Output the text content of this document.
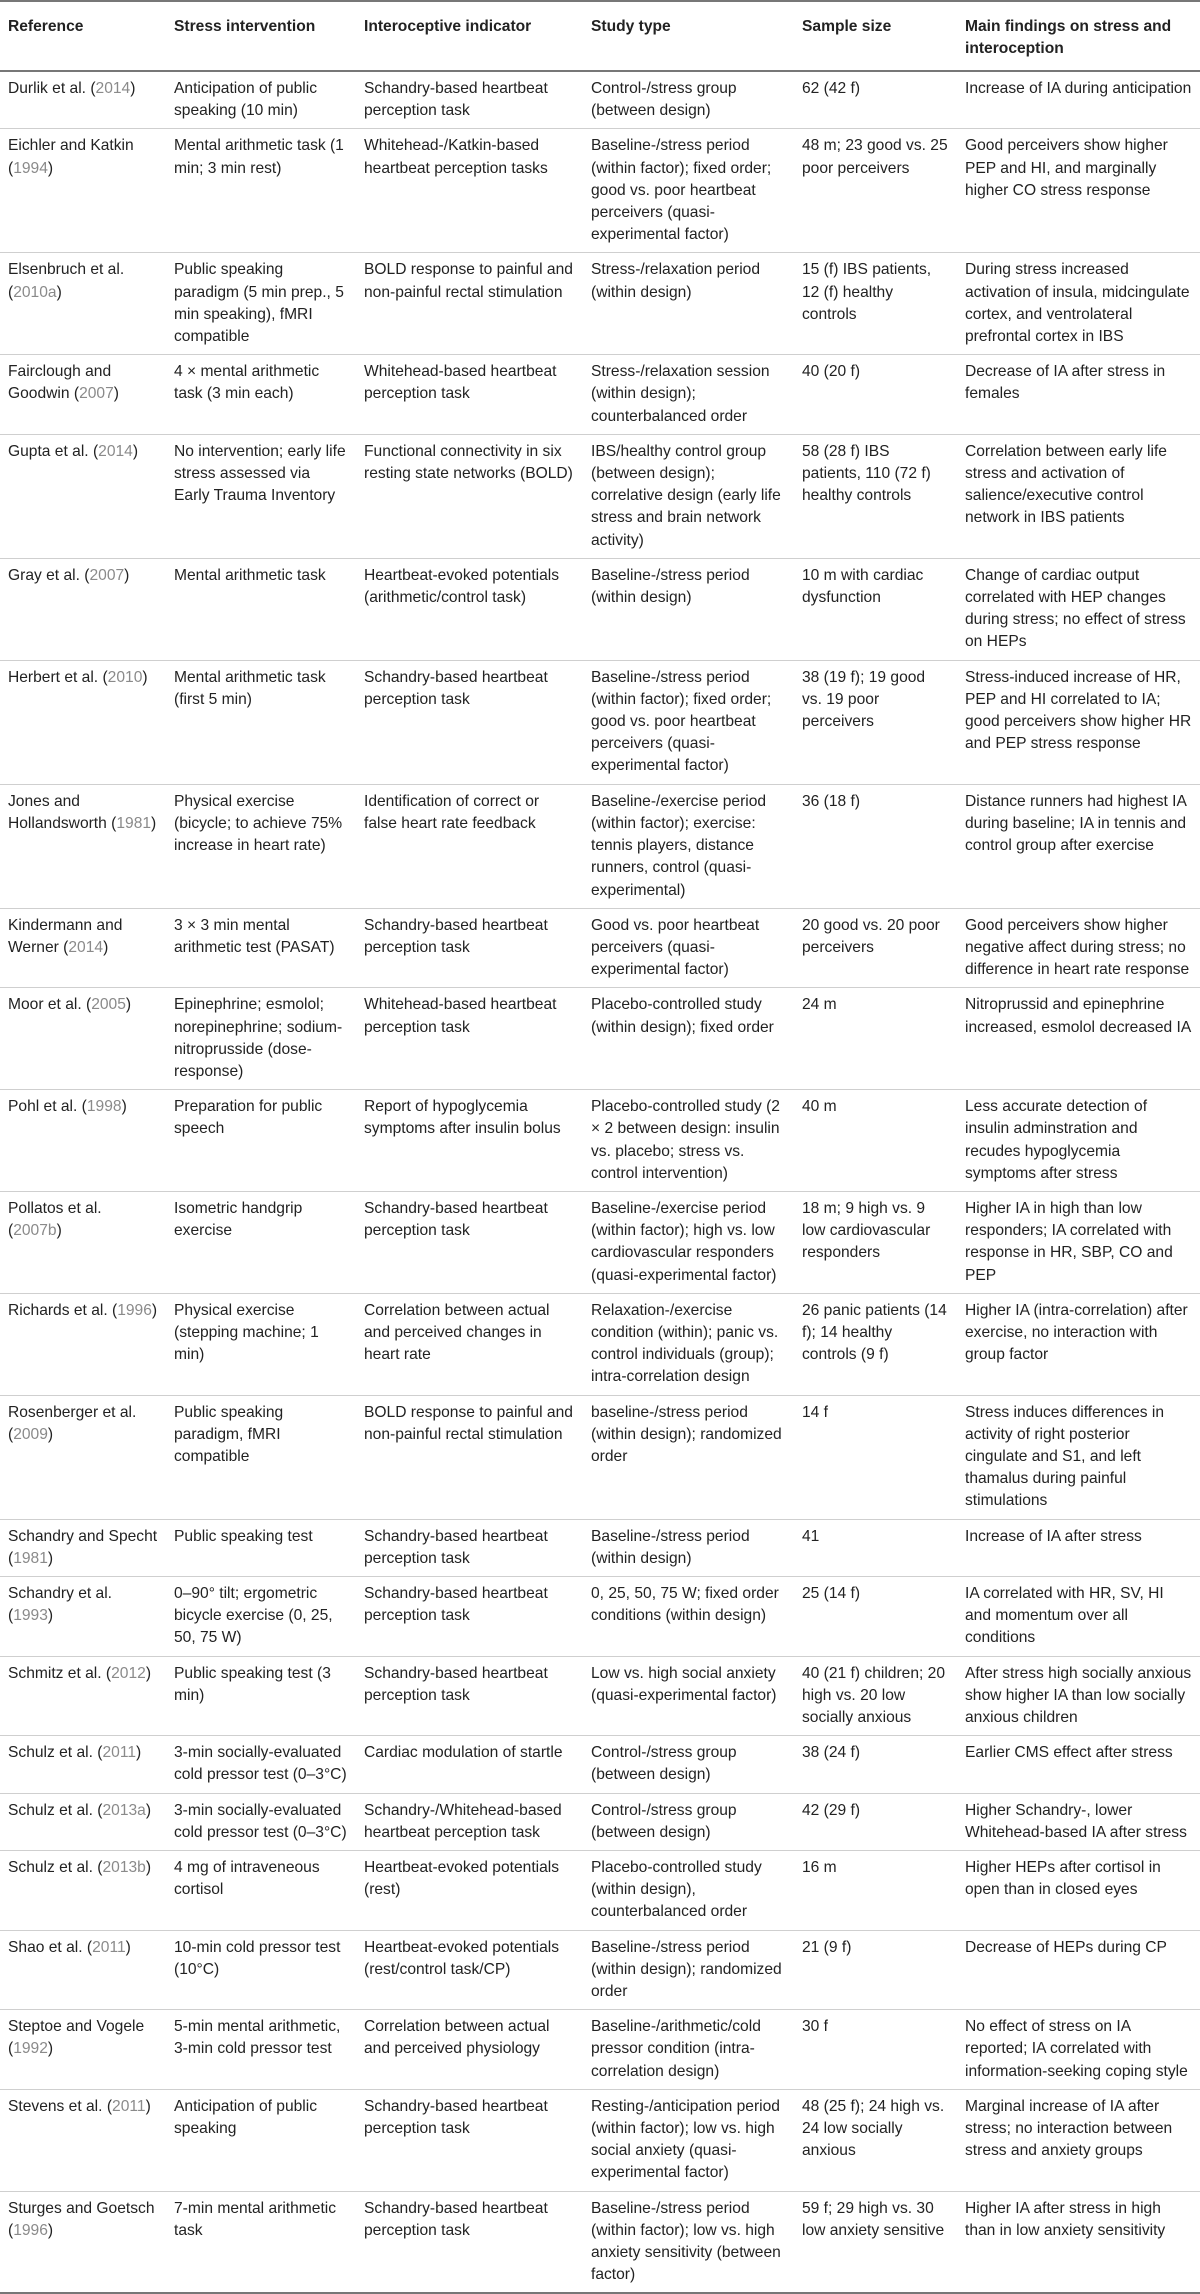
Reference	Stress intervention	Interoceptive indicator	Study type	Sample size	Main findings on stress and interoception
Durlik et al. (2014)	Anticipation of public speaking (10 min)	Schandry-based heartbeat perception task	Control-/stress group (between design)	62 (42 f)	Increase of IA during anticipation
Eichler and Katkin (1994)	Mental arithmetic task (1 min; 3 min rest)	Whitehead-/Katkin-based heartbeat perception tasks	Baseline-/stress period (within factor); fixed order; good vs. poor heartbeat perceivers (quasi-experimental factor)	48 m; 23 good vs. 25 poor perceivers	Good perceivers show higher PEP and HI, and marginally higher CO stress response
Elsenbruch et al. (2010a)	Public speaking paradigm (5 min prep., 5 min speaking), fMRI compatible	BOLD response to painful and non-painful rectal stimulation	Stress-/relaxation period (within design)	15 (f) IBS patients, 12 (f) healthy controls	During stress increased activation of insula, midcingulate cortex, and ventrolateral prefrontal cortex in IBS
Fairclough and Goodwin (2007)	4 × mental arithmetic task (3 min each)	Whitehead-based heartbeat perception task	Stress-/relaxation session (within design); counterbalanced order	40 (20 f)	Decrease of IA after stress in females
Gupta et al. (2014)	No intervention; early life stress assessed via Early Trauma Inventory	Functional connectivity in six resting state networks (BOLD)	IBS/healthy control group (between design); correlative design (early life stress and brain network activity)	58 (28 f) IBS patients, 110 (72 f) healthy controls	Correlation between early life stress and activation of salience/executive control network in IBS patients
Gray et al. (2007)	Mental arithmetic task	Heartbeat-evoked potentials (arithmetic/control task)	Baseline-/stress period (within design)	10 m with cardiac dysfunction	Change of cardiac output correlated with HEP changes during stress; no effect of stress on HEPs
Herbert et al. (2010)	Mental arithmetic task (first 5 min)	Schandry-based heartbeat perception task	Baseline-/stress period (within factor); fixed order; good vs. poor heartbeat perceivers (quasi-experimental factor)	38 (19 f); 19 good vs. 19 poor perceivers	Stress-induced increase of HR, PEP and HI correlated to IA; good perceivers show higher HR and PEP stress response
Jones and Hollandsworth (1981)	Physical exercise (bicycle; to achieve 75% increase in heart rate)	Identification of correct or false heart rate feedback	Baseline-/exercise period (within factor); exercise: tennis players, distance runners, control (quasi-experimental)	36 (18 f)	Distance runners had highest IA during baseline; IA in tennis and control group after exercise
Kindermann and Werner (2014)	3 × 3 min mental arithmetic test (PASAT)	Schandry-based heartbeat perception task	Good vs. poor heartbeat perceivers (quasi-experimental factor)	20 good vs. 20 poor perceivers	Good perceivers show higher negative affect during stress; no difference in heart rate response
Moor et al. (2005)	Epinephrine; esmolol; norepinephrine; sodium-nitroprusside (dose-response)	Whitehead-based heartbeat perception task	Placebo-controlled study (within design); fixed order	24 m	Nitroprussid and epinephrine increased, esmolol decreased IA
Pohl et al. (1998)	Preparation for public speech	Report of hypoglycemia symptoms after insulin bolus	Placebo-controlled study (2 × 2 between design: insulin vs. placebo; stress vs. control intervention)	40 m	Less accurate detection of insulin adminstration and recudes hypoglycemia symptoms after stress
Pollatos et al. (2007b)	Isometric handgrip exercise	Schandry-based heartbeat perception task	Baseline-/exercise period (within factor); high vs. low cardiovascular responders (quasi-experimental factor)	18 m; 9 high vs. 9 low cardiovascular responders	Higher IA in high than low responders; IA correlated with response in HR, SBP, CO and PEP
Richards et al. (1996)	Physical exercise (stepping machine; 1 min)	Correlation between actual and perceived changes in heart rate	Relaxation-/exercise condition (within); panic vs. control individuals (group); intra-correlation design	26 panic patients (14 f); 14 healthy controls (9 f)	Higher IA (intra-correlation) after exercise, no interaction with group factor
Rosenberger et al. (2009)	Public speaking paradigm, fMRI compatible	BOLD response to painful and non-painful rectal stimulation	baseline-/stress period (within design); randomized order	14 f	Stress induces differences in activity of right posterior cingulate and S1, and left thamalus during painful stimulations
Schandry and Specht (1981)	Public speaking test	Schandry-based heartbeat perception task	Baseline-/stress period (within design)	41	Increase of IA after stress
Schandry et al. (1993)	0–90° tilt; ergometric bicycle exercise (0, 25, 50, 75 W)	Schandry-based heartbeat perception task	0, 25, 50, 75 W; fixed order conditions (within design)	25 (14 f)	IA correlated with HR, SV, HI and momentum over all conditions
Schmitz et al. (2012)	Public speaking test (3 min)	Schandry-based heartbeat perception task	Low vs. high social anxiety (quasi-experimental factor)	40 (21 f) children; 20 high vs. 20 low socially anxious	After stress high socially anxious show higher IA than low socially anxious children
Schulz et al. (2011)	3-min socially-evaluated cold pressor test (0–3°C)	Cardiac modulation of startle	Control-/stress group (between design)	38 (24 f)	Earlier CMS effect after stress
Schulz et al. (2013a)	3-min socially-evaluated cold pressor test (0–3°C)	Schandry-/Whitehead-based heartbeat perception task	Control-/stress group (between design)	42 (29 f)	Higher Schandry-, lower Whitehead-based IA after stress
Schulz et al. (2013b)	4 mg of intraveneous cortisol	Heartbeat-evoked potentials (rest)	Placebo-controlled study (within design), counterbalanced order	16 m	Higher HEPs after cortisol in open than in closed eyes
Shao et al. (2011)	10-min cold pressor test (10°C)	Heartbeat-evoked potentials (rest/control task/CP)	Baseline-/stress period (within design); randomized order	21 (9 f)	Decrease of HEPs during CP
Steptoe and Vogele (1992)	5-min mental arithmetic, 3-min cold pressor test	Correlation between actual and perceived physiology	Baseline-/arithmetic/cold pressor condition (intra-correlation design)	30 f	No effect of stress on IA reported; IA correlated with information-seeking coping style
Stevens et al. (2011)	Anticipation of public speaking	Schandry-based heartbeat perception task	Resting-/anticipation period (within factor); low vs. high social anxiety (quasi-experimental factor)	48 (25 f); 24 high vs. 24 low socially anxious	Marginal increase of IA after stress; no interaction between stress and anxiety groups
Sturges and Goetsch (1996)	7-min mental arithmetic task	Schandry-based heartbeat perception task	Baseline-/stress period (within factor); low vs. high anxiety sensitivity (between factor)	59 f; 29 high vs. 30 low anxiety sensitive	Higher IA after stress in high than in low anxiety sensitivity
